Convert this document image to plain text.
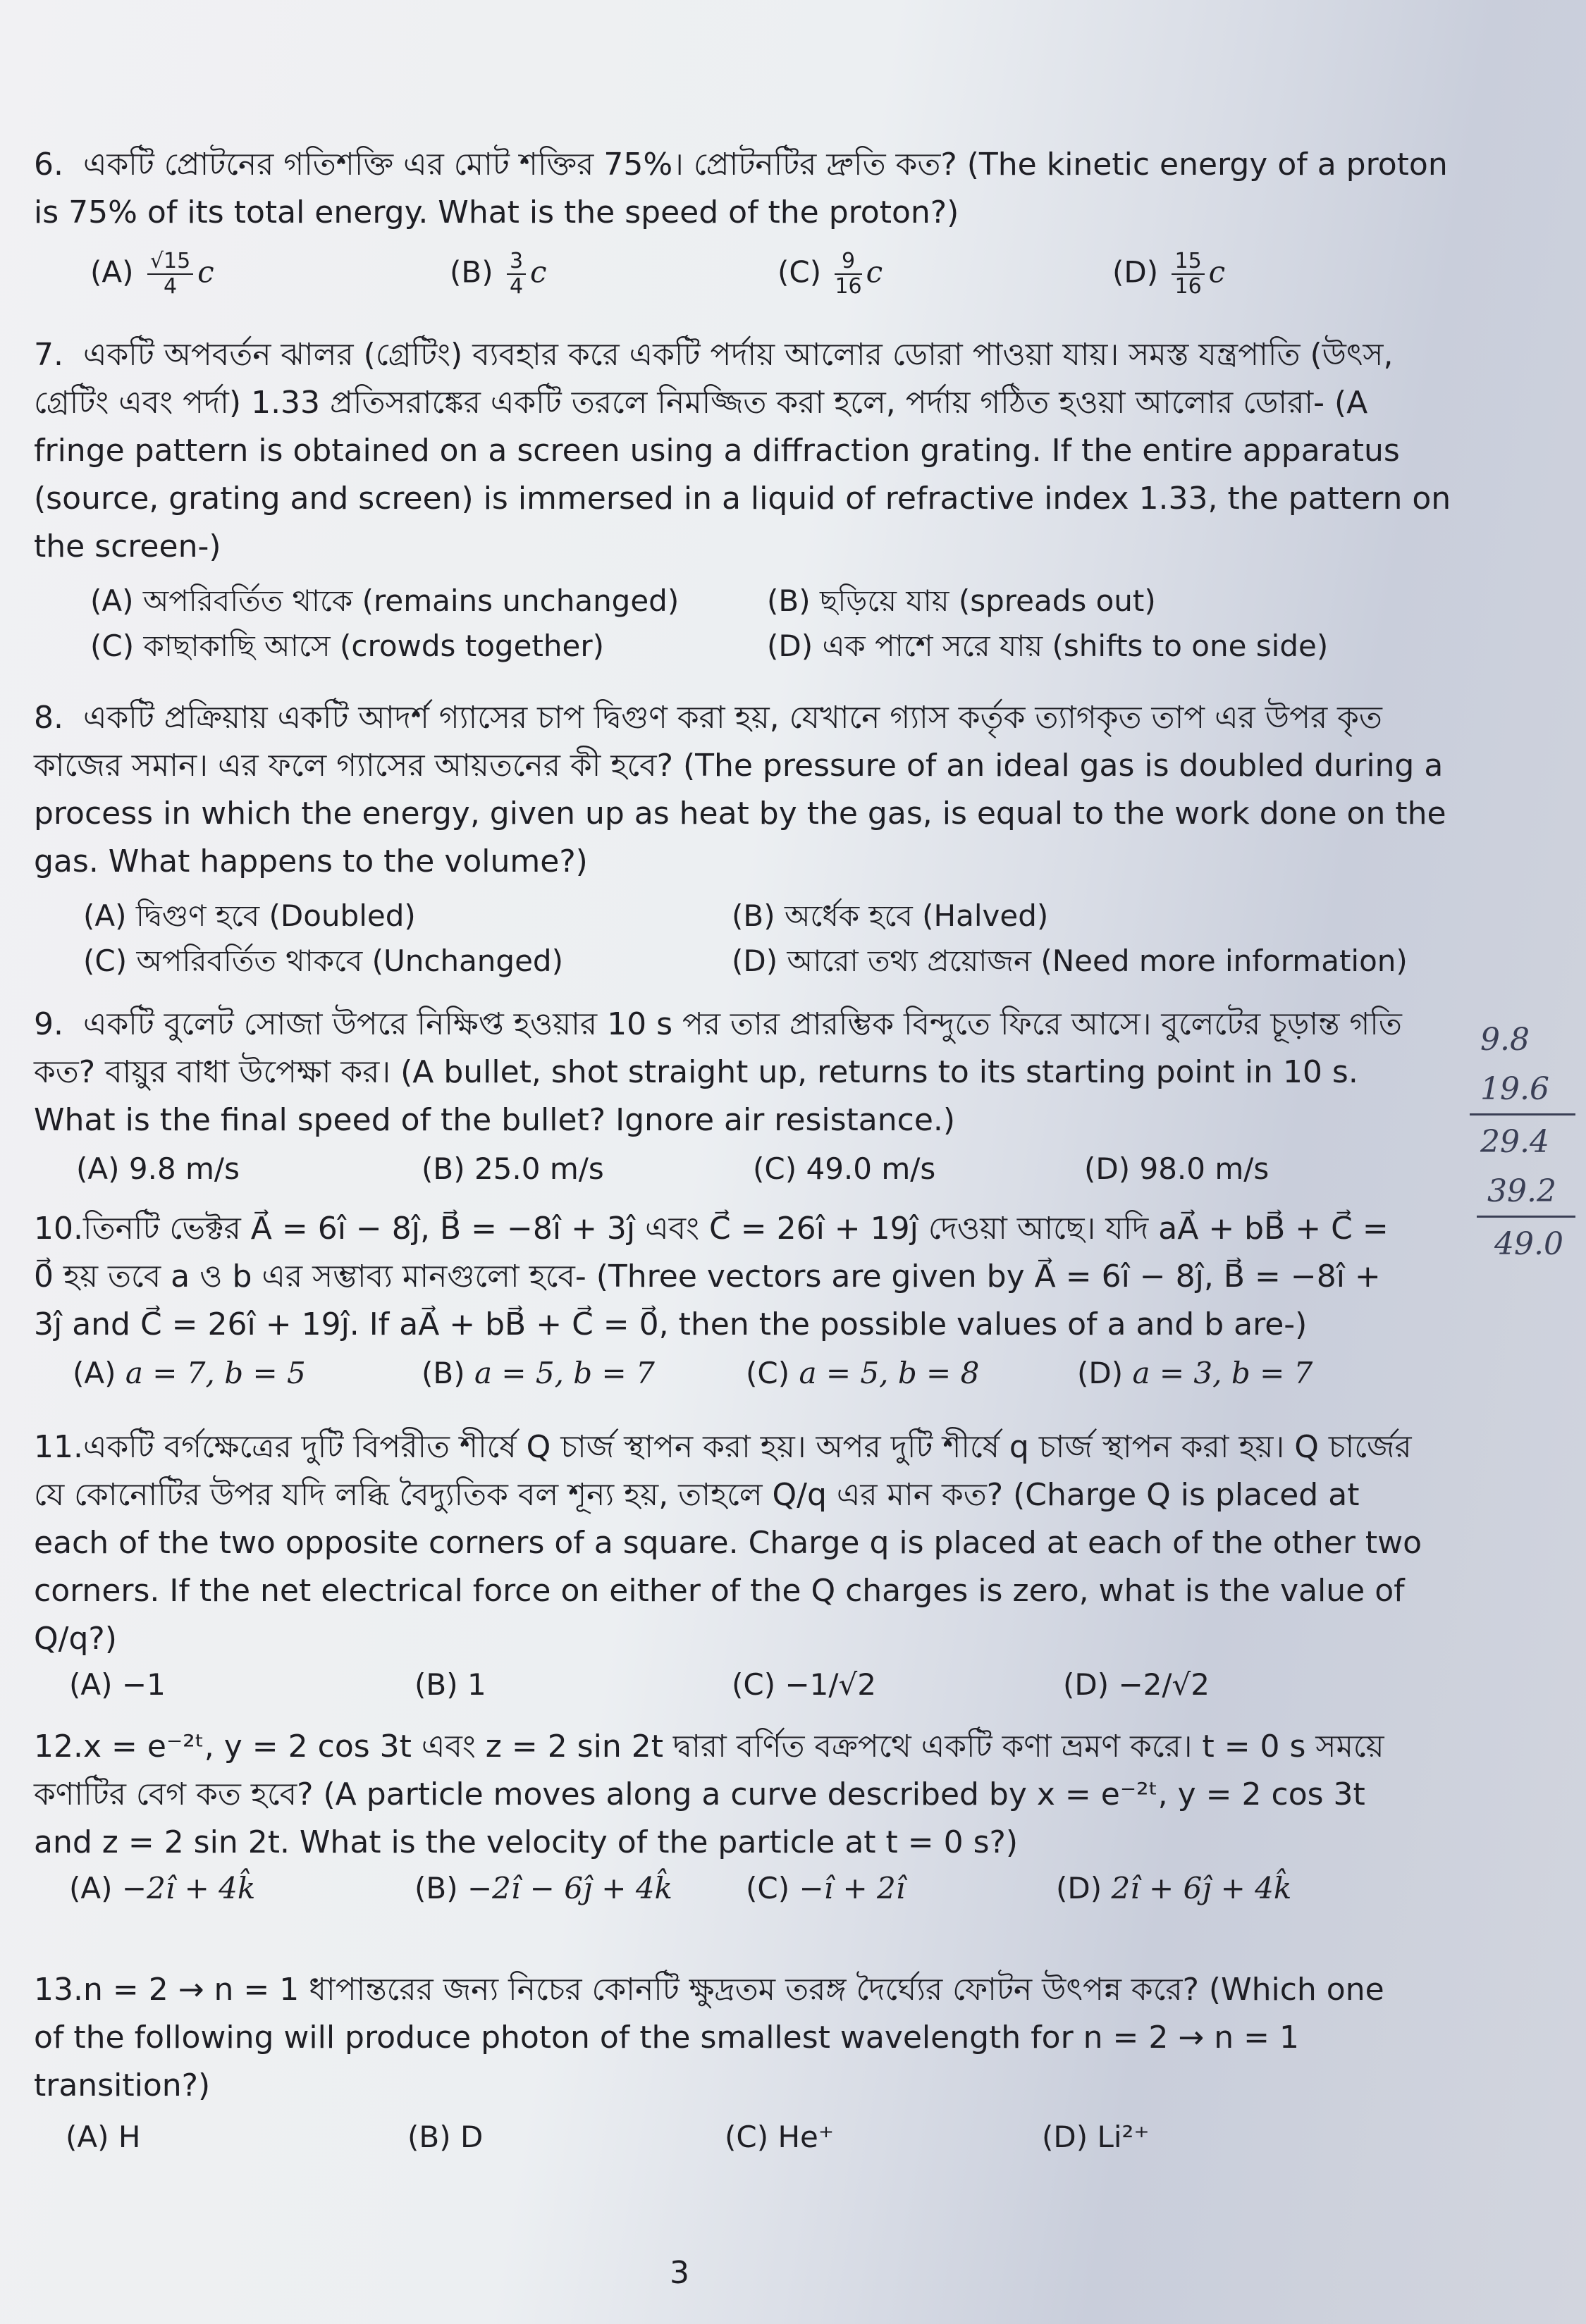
6. একটি প্রোটনের গতিশক্তি এর মোট শক্তির 75%। প্রোটনটির দ্রুতি কত? (The kinetic energy of a proton is 75% of its total energy. What is the speed of the proton?)
$(A) \frac{√15}{4}$ c	$(B) \frac{3}{4}$ c	$(C) \frac{9}{16}$ c	$(D) \frac{15}{16}$ c
7. একটি অপবর্তন ঝালর (গ্রেটিং) ব্যবহার করে একটি পর্দায় আলোর ডোরা পাওয়া যায়। সমস্ত যন্ত্রপাতি (উৎস, গ্রেটিং এবং পর্দা) 1.33 প্রতিসরাঙ্কের একটি তরলে নিমজ্জিত করা হলে, পর্দায় গঠিত হওয়া আলোর ডোরা- (A fringe pattern is obtained on a screen using a diffraction grating. If the entire apparatus (source, grating and screen) is immersed in a liquid of refractive index 1.33, the pattern on the screen-)
(A) অপরিবর্তিত থাকে (remains unchanged)	(B) ছড়িয়ে যায় (spreads out)
(C) কাছাকাছি আসে (crowds together)	(D) এক পাশে সরে যায় (shifts to one side)
8. একটি প্রক্রিয়ায় একটি আদর্শ গ্যাসের চাপ দ্বিগুণ করা হয়, যেখানে গ্যাস কর্তৃক ত্যাগকৃত তাপ এর উপর কৃত কাজের সমান। এর ফলে গ্যাসের আয়তনের কী হবে? (The pressure of an ideal gas is doubled during a process in which the energy, given up as heat by the gas, is equal to the work done on the gas. What happens to the volume?)
(A) দ্বিগুণ হবে (Doubled)	(B) অর্ধেক হবে (Halved)
(C) অপরিবর্তিত থাকবে (Unchanged)	(D) আরো তথ্য প্রয়োজন (Need more information)
9. একটি বুলেট সোজা উপরে নিক্ষিপ্ত হওয়ার 10 s পর তার প্রারম্ভিক বিন্দুতে ফিরে আসে। বুলেটের চূড়ান্ত গতি কত? বায়ুর বাধা উপেক্ষা কর। (A bullet, shot straight up, returns to its starting point in 10 s. What is the final speed of the bullet? Ignore air resistance.)
(A) 9.8 m/s	(B) 25.0 m/s	(C) 49.0 m/s	(D) 98.0 m/s
10.তিনটি ভেক্টর A⃗ = 6î − 8ĵ, B⃗ = −8î + 3ĵ এবং C⃗ = 26î + 19ĵ দেওয়া আছে। যদি aA⃗ + bB⃗ + C⃗ = 0⃗ হয় তবে a ও b এর সম্ভাব্য মানগুলো হবে- (Three vectors are given by A⃗ = 6î − 8ĵ, B⃗ = −8î + 3ĵ and C⃗ = 26î + 19ĵ. If aA⃗ + bB⃗ + C⃗ = 0⃗, then the possible values of a and b are-)
(A) a = 7, b = 5	(B) a = 5, b = 7	(C) a = 5, b = 8	(D) a = 3, b = 7
11.একটি বর্গক্ষেত্রের দুটি বিপরীত শীর্ষে Q চার্জ স্থাপন করা হয়। অপর দুটি শীর্ষে q চার্জ স্থাপন করা হয়। Q চার্জের যে কোনোটির উপর যদি লব্ধি বৈদ্যুতিক বল শূন্য হয়, তাহলে Q/q এর মান কত? (Charge Q is placed at each of the two opposite corners of a square. Charge q is placed at each of the other two corners. If the net electrical force on either of the Q charges is zero, what is the value of Q/q?)
(A) −1	(B) 1	(C) −1/√2	(D) −2/√2
12.x = e⁻²ᵗ, y = 2 cos 3t এবং z = 2 sin 2t দ্বারা বর্ণিত বক্রপথে একটি কণা ভ্রমণ করে। t = 0 s সময়ে কণাটির বেগ কত হবে? (A particle moves along a curve described by x = e⁻²ᵗ, y = 2 cos 3t and z = 2 sin 2t. What is the velocity of the particle at t = 0 s?)
(A) −2î + 4k̂	(B) −2î − 6ĵ + 4k̂ (C) −î + 2î	(D) 2î + 6ĵ + 4k̂
13.n = 2 → n = 1 ধাপান্তরের জন্য নিচের কোনটি ক্ষুদ্রতম তরঙ্গ দৈর্ঘ্যের ফোটন উৎপন্ন করে? (Which one of the following will produce photon of the smallest wavelength for n = 2 → n = 1 transition?)
(A) H	(B) D	(C) He⁺	(D) Li²⁺
9.8
19.6
29.4
39.2
49.0
3
